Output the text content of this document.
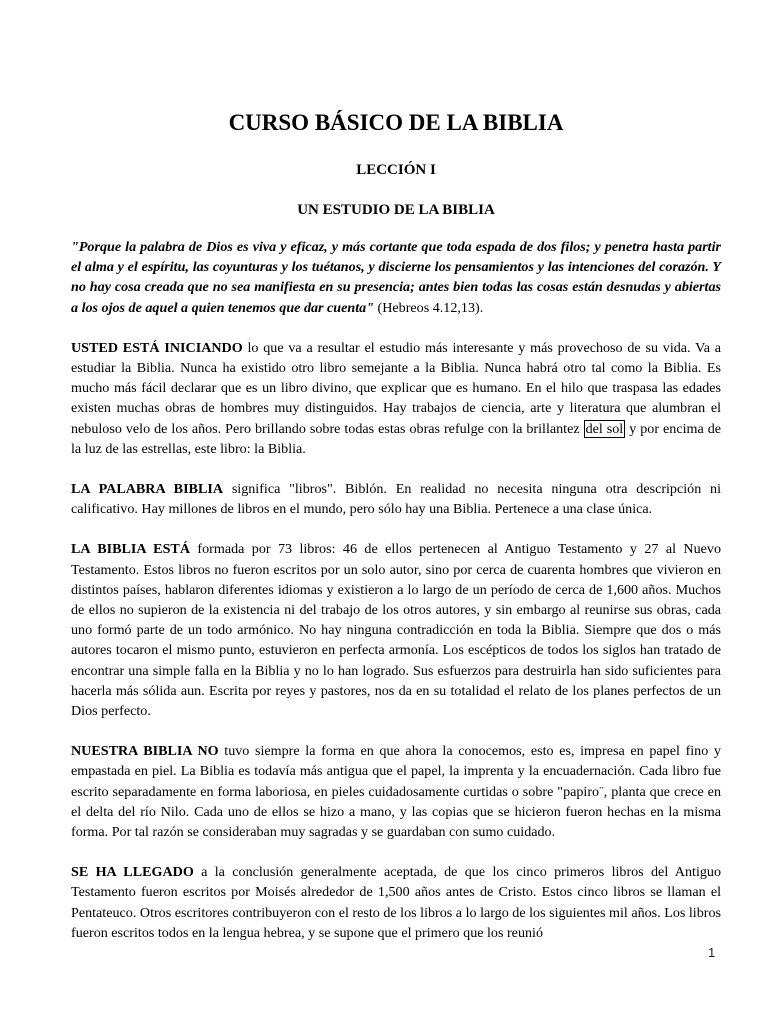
CURSO BÁSICO DE LA BIBLIA
LECCIÓN I
UN ESTUDIO DE LA BIBLIA

"Porque la palabra de Dios es viva y eficaz, y más cortante que toda espada de dos filos; y penetra hasta partir el alma y el espíritu, las coyunturas y los tuétanos, y discierne los pensamientos y las intenciones del corazón. Y no hay cosa creada que no sea manifiesta en su presencia; antes bien todas las cosas están desnudas y abiertas a los ojos de aquel a quien tenemos que dar cuenta" (Hebreos 4.12,13).

USTED ESTÁ INICIANDO lo que va a resultar el estudio más interesante y más provechoso de su vida. Va a estudiar la Biblia. Nunca ha existido otro libro semejante a la Biblia. Nunca habrá otro tal como la Biblia. Es mucho más fácil declarar que es un libro divino, que explicar que es humano. En el hilo que traspasa las edades existen muchas obras de hombres muy distinguidos. Hay trabajos de ciencia, arte y literatura que alumbran el nebuloso velo de los años. Pero brillando sobre todas estas obras refulge con la brillantez del sol y por encima de la luz de las estrellas, este libro: la Biblia.

LA PALABRA BIBLIA significa "libros". Biblón. En realidad no necesita ninguna otra descripción ni calificativo. Hay millones de libros en el mundo, pero sólo hay una Biblia. Pertenece a una clase única.

LA BIBLIA ESTÁ formada por 73 libros: 46 de ellos pertenecen al Antiguo Testamento y 27 al Nuevo Testamento. Estos libros no fueron escritos por un solo autor, sino por cerca de cuarenta hombres que vivieron en distintos países, hablaron diferentes idiomas y existieron a lo largo de un período de cerca de 1,600 años. Muchos de ellos no supieron de la existencia ni del trabajo de los otros autores, y sin embargo al reunirse sus obras, cada uno formó parte de un todo armónico. No hay ninguna contradicción en toda la Biblia. Siempre que dos o más autores tocaron el mismo punto, estuvieron en perfecta armonía. Los escépticos de todos los siglos han tratado de encontrar una simple falla en la Biblia y no lo han logrado. Sus esfuerzos para destruirla han sido suficientes para hacerla más sólida aun. Escrita por reyes y pastores, nos da en su totalidad el relato de los planes perfectos de un Dios perfecto.

NUESTRA BIBLIA NO tuvo siempre la forma en que ahora la conocemos, esto es, impresa en papel fino y empastada en piel. La Biblia es todavía más antigua que el papel, la imprenta y la encuadernación. Cada libro fue escrito separadamente en forma laboriosa, en pieles cuidadosamente curtidas o sobre "papiro¨, planta que crece en el delta del río Nilo. Cada uno de ellos se hizo a mano, y las copias que se hicieron fueron hechas en la misma forma. Por tal razón se consideraban muy sagradas y se guardaban con sumo cuidado.

SE HA LLEGADO a la conclusión generalmente aceptada, de que los cinco primeros libros del Antiguo Testamento fueron escritos por Moisés alrededor de 1,500 años antes de Cristo. Estos cinco libros se llaman el Pentateuco. Otros escritores contribuyeron con el resto de los libros a lo largo de los siguientes mil años. Los libros fueron escritos todos en la lengua hebrea, y se supone que el primero que los reunió

1
